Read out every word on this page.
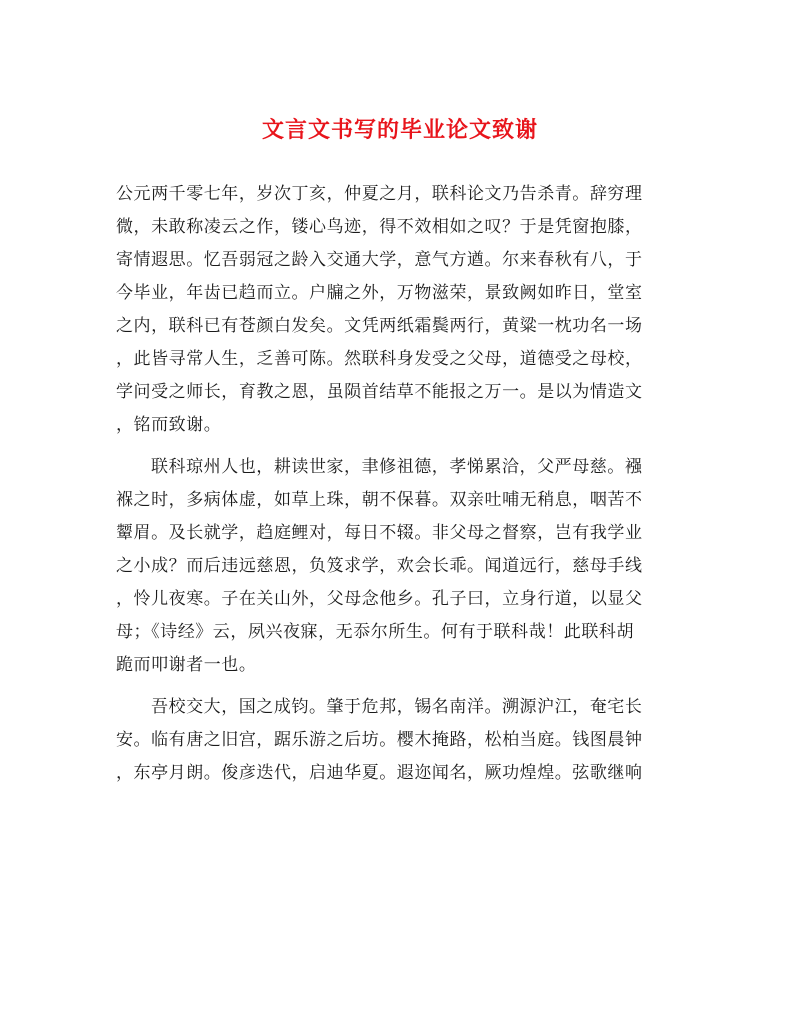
文言文书写的毕业论文致谢
公元两千零七年，岁次丁亥，仲夏之月，联科论文乃告杀青。辞穷理
微，未敢称凌云之作，镂心鸟迹，得不效相如之叹？于是凭窗抱膝，
寄情遐思。忆吾弱冠之龄入交通大学，意气方遒。尔来春秋有八，于
今毕业，年齿已趋而立。户牖之外，万物滋荣，景致阙如昨日，堂室
之内，联科已有苍颜白发矣。文凭两纸霜鬓两行，黄粱一枕功名一场
，此皆寻常人生，乏善可陈。然联科身发受之父母，道德受之母校，
学问受之师长，育教之恩，虽陨首结草不能报之万一。是以为情造文
，铭而致谢。
联科琼州人也，耕读世家，聿修祖德，孝悌累洽，父严母慈。襁
褓之时，多病体虚，如草上珠，朝不保暮。双亲吐哺无稍息，咽苦不
颦眉。及长就学，趋庭鲤对，每日不辍。非父母之督察，岂有我学业
之小成？而后违远慈恩，负笈求学，欢会长乖。闻道远行，慈母手线
，怜儿夜寒。子在关山外，父母念他乡。孔子曰，立身行道，以显父
母；《诗经》云，夙兴夜寐，无忝尔所生。何有于联科哉！此联科胡
跪而叩谢者一也。
吾校交大，国之成钧。肇于危邦，锡名南洋。溯源沪江，奄宅长
安。临有唐之旧宫，踞乐游之后坊。樱木掩路，松柏当庭。钱图晨钟
，东亭月朗。俊彦迭代，启迪华夏。遐迩闻名，厥功煌煌。弦歌继响
